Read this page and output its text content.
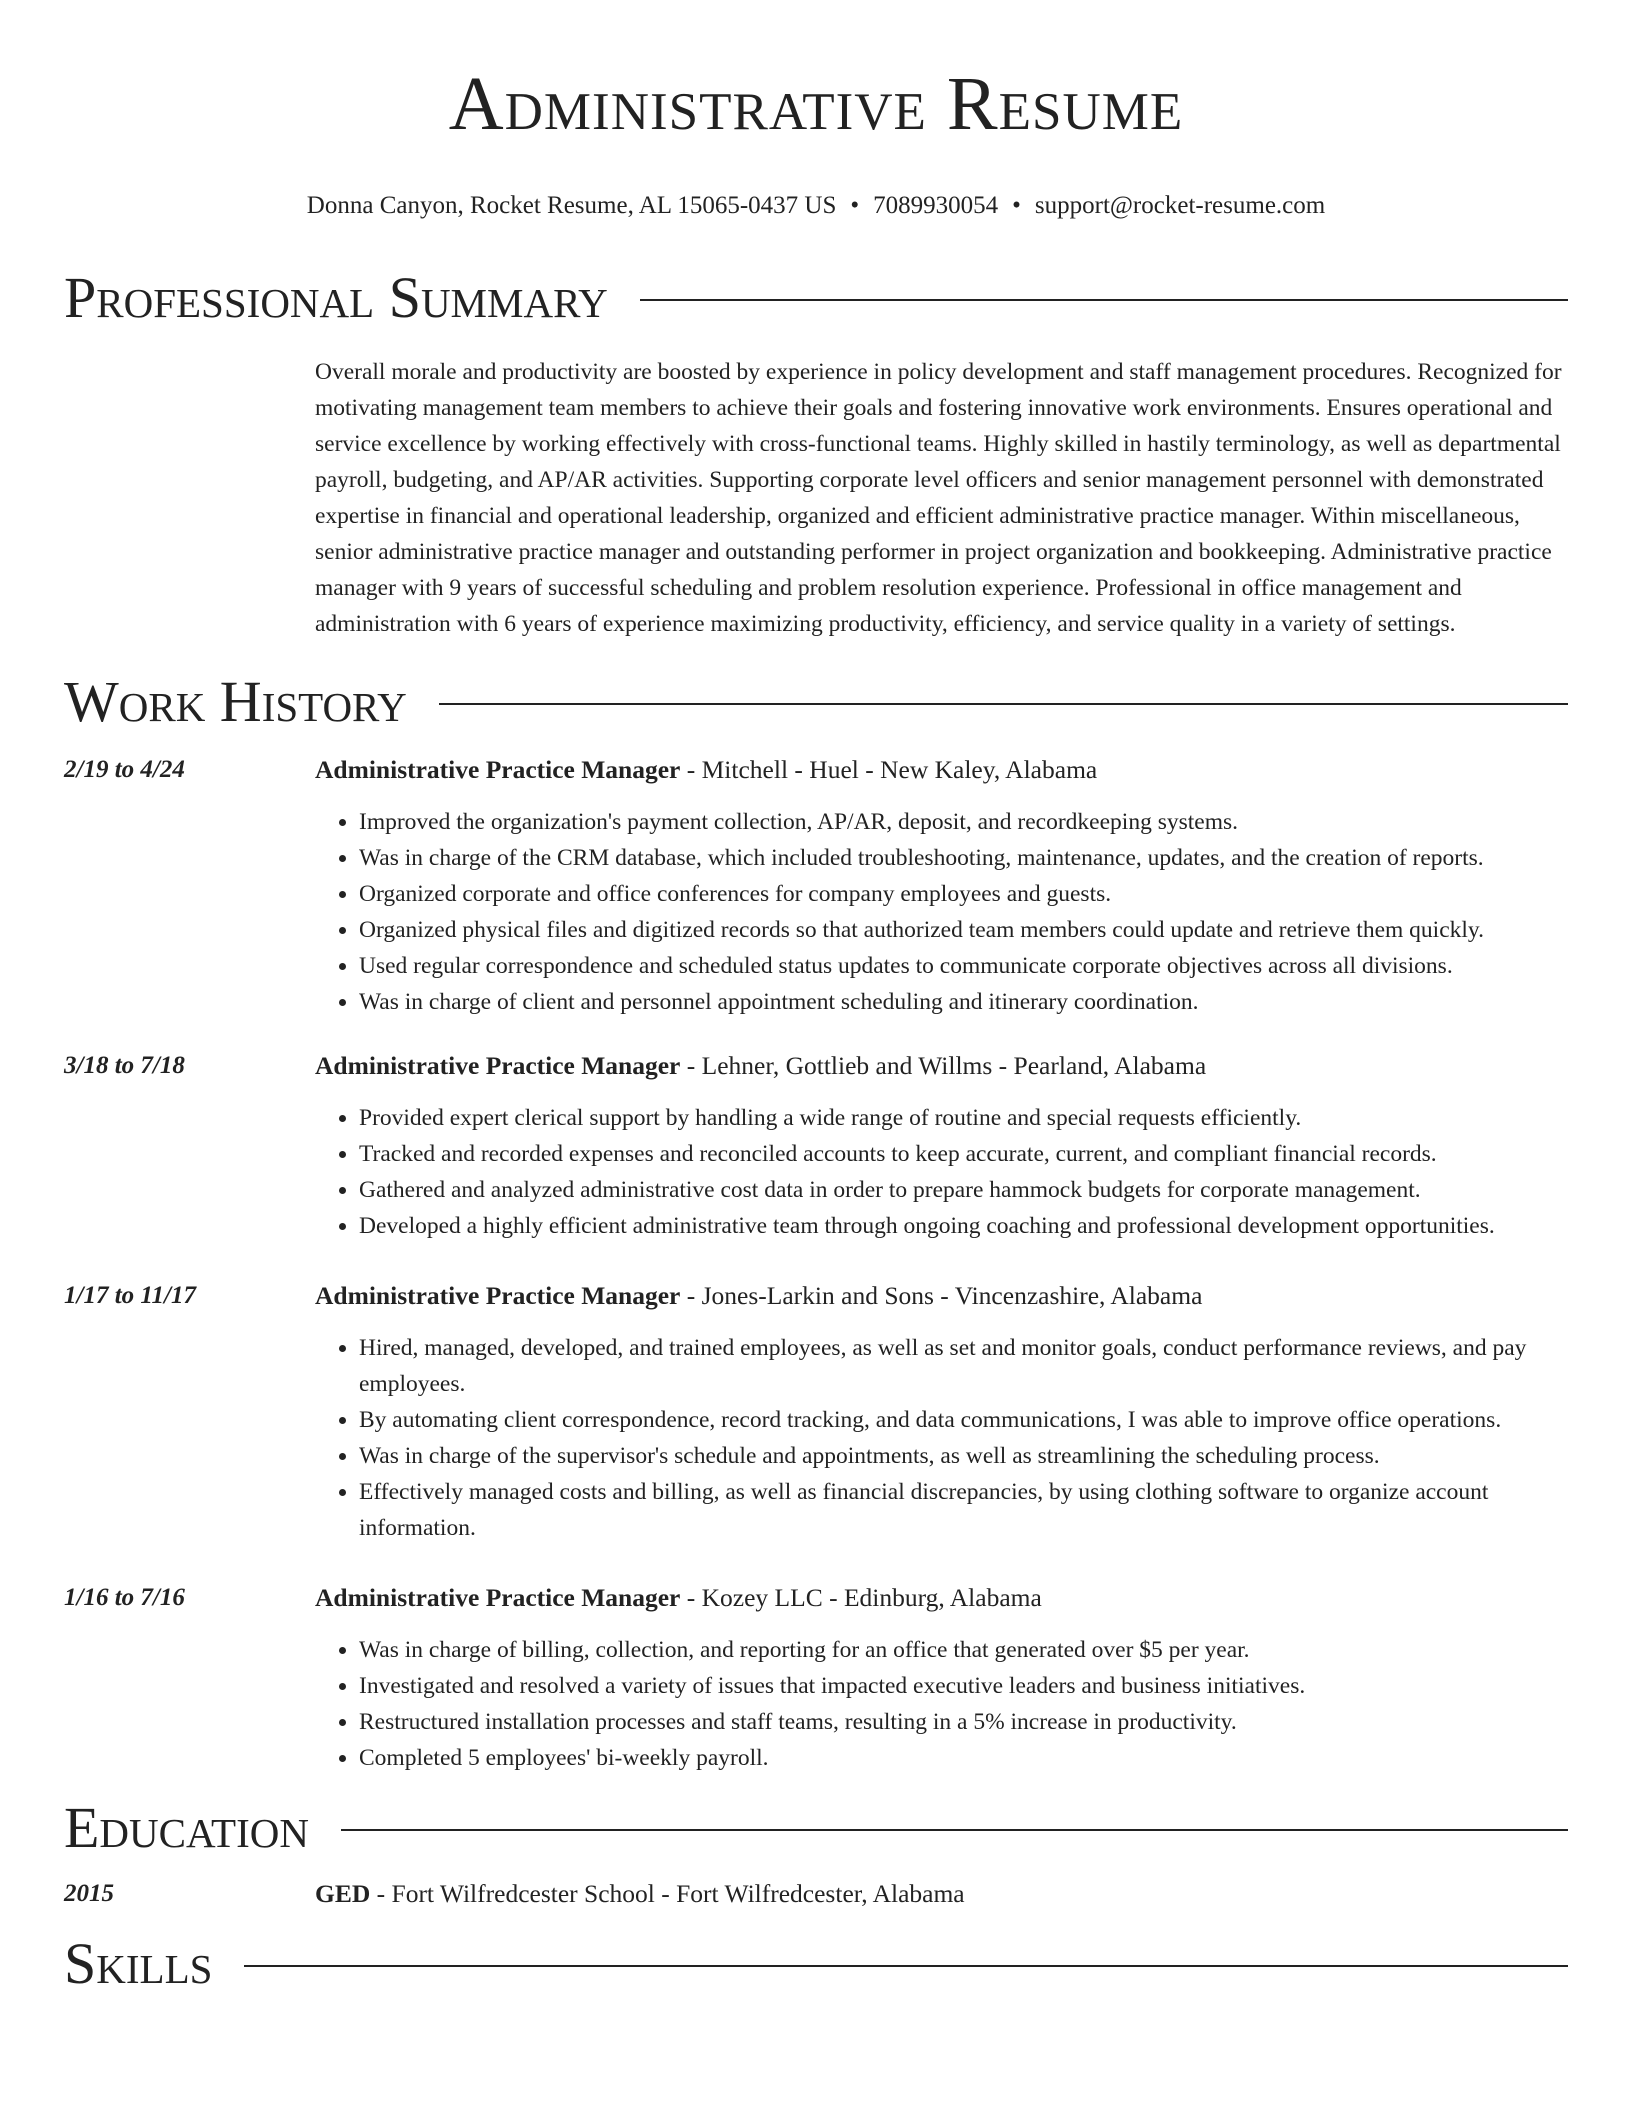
Administrative Resume
Donna Canyon, Rocket Resume, AL 15065-0437 US • 7089930054 • support@rocket-resume.com
Professional Summary
Overall morale and productivity are boosted by experience in policy development and staff management procedures. Recognized for motivating management team members to achieve their goals and fostering innovative work environments. Ensures operational and service excellence by working effectively with cross-functional teams. Highly skilled in hastily terminology, as well as departmental payroll, budgeting, and AP/AR activities. Supporting corporate level officers and senior management personnel with demonstrated expertise in financial and operational leadership, organized and efficient administrative practice manager. Within miscellaneous, senior administrative practice manager and outstanding performer in project organization and bookkeeping. Administrative practice manager with 9 years of successful scheduling and problem resolution experience. Professional in office management and administration with 6 years of experience maximizing productivity, efficiency, and service quality in a variety of settings.
Work History
2/19 to 4/24	Administrative Practice Manager - Mitchell - Huel - New Kaley, Alabama
• Improved the organization's payment collection, AP/AR, deposit, and recordkeeping systems.
• Was in charge of the CRM database, which included troubleshooting, maintenance, updates, and the creation of reports.
• Organized corporate and office conferences for company employees and guests.
• Organized physical files and digitized records so that authorized team members could update and retrieve them quickly.
• Used regular correspondence and scheduled status updates to communicate corporate objectives across all divisions.
• Was in charge of client and personnel appointment scheduling and itinerary coordination.
3/18 to 7/18	Administrative Practice Manager - Lehner, Gottlieb and Willms - Pearland, Alabama
• Provided expert clerical support by handling a wide range of routine and special requests efficiently.
• Tracked and recorded expenses and reconciled accounts to keep accurate, current, and compliant financial records.
• Gathered and analyzed administrative cost data in order to prepare hammock budgets for corporate management.
• Developed a highly efficient administrative team through ongoing coaching and professional development opportunities.
1/17 to 11/17	Administrative Practice Manager - Jones-Larkin and Sons - Vincenzashire, Alabama
• Hired, managed, developed, and trained employees, as well as set and monitor goals, conduct performance reviews, and pay employees.
• By automating client correspondence, record tracking, and data communications, I was able to improve office operations.
• Was in charge of the supervisor's schedule and appointments, as well as streamlining the scheduling process.
• Effectively managed costs and billing, as well as financial discrepancies, by using clothing software to organize account information.
1/16 to 7/16	Administrative Practice Manager - Kozey LLC - Edinburg, Alabama
• Was in charge of billing, collection, and reporting for an office that generated over $5 per year.
• Investigated and resolved a variety of issues that impacted executive leaders and business initiatives.
• Restructured installation processes and staff teams, resulting in a 5% increase in productivity.
• Completed 5 employees' bi-weekly payroll.
Education
2015	GED - Fort Wilfredcester School - Fort Wilfredcester, Alabama
Skills
